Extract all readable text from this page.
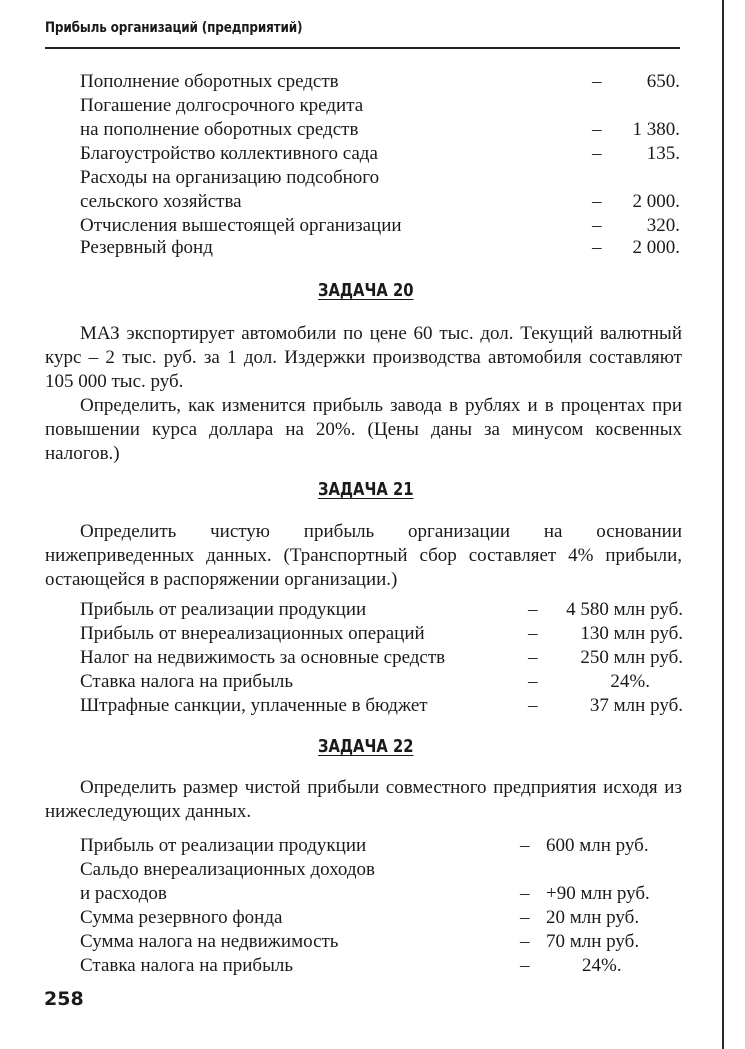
Прибыль организаций (предприятий)
Пополнение оборотных средств	– 650.
Погашение долгосрочного кредита
на пополнение оборотных средств	– 1 380.
Благоустройство коллективного сада	– 135.
Расходы на организацию подсобного
сельского хозяйства	– 2 000.
Отчисления вышестоящей организации	– 320.
Резервный фонд	– 2 000.
ЗАДАЧА 20
МАЗ экспортирует автомобили по цене 60 тыс. дол. Текущий валютный курс – 2 тыс. руб. за 1 дол. Издержки производства автомобиля составляют 105 000 тыс. руб.
Определить, как изменится прибыль завода в рублях и в процентах при повышении курса доллара на 20%. (Цены даны за минусом косвенных налогов.)
ЗАДАЧА 21
Определить чистую прибыль организации на основании нижеприведенных данных. (Транспортный сбор составляет 4% прибыли, остающейся в распоряжении организации.)
Прибыль от реализации продукции	– 4 580 млн руб.
Прибыль от внереализационных операций	– 130 млн руб.
Налог на недвижимость за основные средств	– 250 млн руб.
Ставка налога на прибыль	–	24%.
Штрафные санкции, уплаченные в бюджет	–	37 млн руб.
ЗАДАЧА 22
Определить размер чистой прибыли совместного предприятия исходя из нижеследующих данных.
Прибыль от реализации продукции	– 600 млн руб.
Сальдо внереализационных доходов
и расходов	– +90 млн руб.
Сумма резервного фонда	– 20 млн руб.
Сумма налога на недвижимость	– 70 млн руб.
Ставка налога на прибыль	–	24%.
258
